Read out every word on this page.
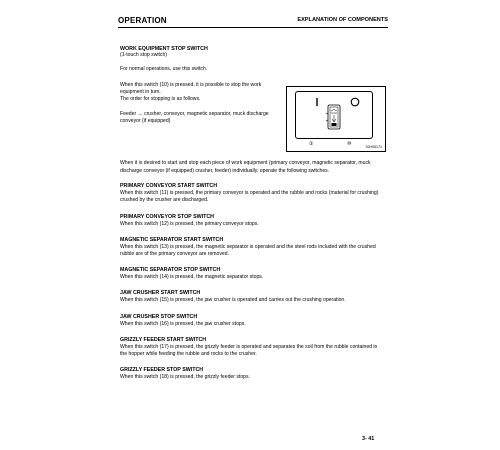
OPERATION	EXPLANATION OF COMPONENTS
WORK EQUIPMENT STOP SWITCH
(1-touch stop switch)
For normal operations, use this switch.
When this switch (10) is pressed, it is possible to stop the work
equipment in turn.
The order for stopping is as follows.
Feeder → crusher, conveyor, magnetic separator, muck discharge
conveyor (if equipped)
①	⑩	9JH05171
When it is desired to start and stop each piece of work equipment (primary conveyor, magnetic separator, muck
discharge conveyor (if equipped) crusher, feeder) individually, operate the following switches.
PRIMARY CONVEYOR START SWITCH
When this switch (11) is pressed, the primary conveyor is operated and the rubble and rocks (material for crushing)
crushed by the crusher are discharged.
PRIMARY CONVEYOR STOP SWITCH
When this switch (12) is pressed, the primary conveyor stops.
MAGNETIC SEPARATOR START SWITCH
When this switch (13) is pressed, the magnetic separator is operated and the steel rods included with the crushed
rubble are of the primary conveyor are removed.
MAGNETIC SEPARATOR STOP SWITCH
When this switch (14) is pressed, the magnetic separator stops.
JAW CRUSHER START SWITCH
When this switch (15) is pressed, the jaw crusher is operated and carries out the crushing operation.
JAW CRUSHER STOP SWITCH
When this switch (16) is pressed, the jaw crusher stops.
GRIZZLY FEEDER START SWITCH
When this switch (17) is pressed, the grizzly feeder is operated and separates the soil from the rubble contained in
the hopper while feeding the rubble and rocks to the crusher.
GRIZZLY FEEDER STOP SWITCH
When this switch (18) is pressed, the grizzly feeder stops.
3- 41
